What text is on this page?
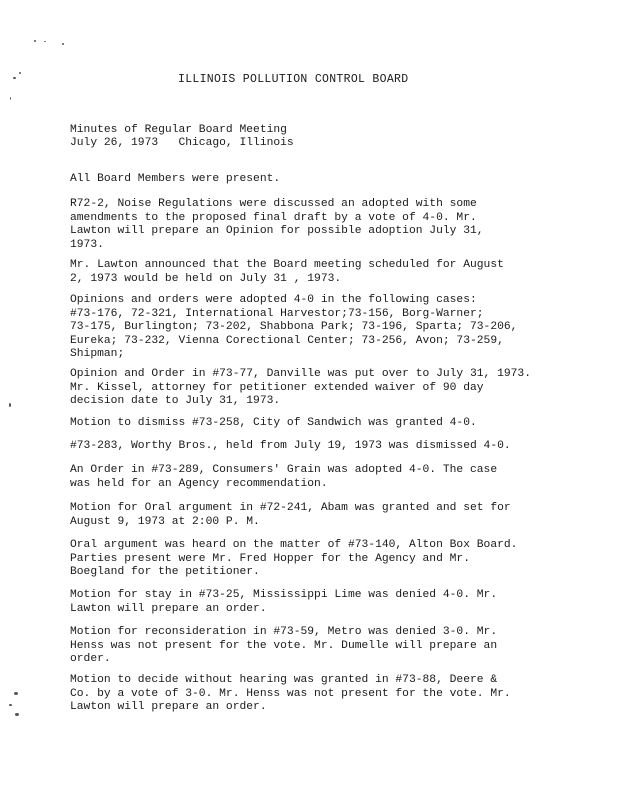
ILLINOIS POLLUTION CONTROL BOARD
Minutes of Regular Board Meeting
July 26, 1973   Chicago, Illinois
All Board Members were present.
R72-2, Noise Regulations were discussed an adopted with some
amendments to the proposed final draft by a vote of 4-0. Mr.
Lawton will prepare an Opinion for possible adoption July 31,
1973.
Mr. Lawton announced that the Board meeting scheduled for August
2, 1973 would be held on July 31 , 1973.
Opinions and orders were adopted 4-0 in the following cases:
#73-176, 72-321, International Harvestor;73-156, Borg-Warner;
73-175, Burlington; 73-202, Shabbona Park; 73-196, Sparta; 73-206,
Eureka; 73-232, Vienna Corectional Center; 73-256, Avon; 73-259,
Shipman;
Opinion and Order in #73-77, Danville was put over to July 31, 1973.
Mr. Kissel, attorney for petitioner extended waiver of 90 day
decision date to July 31, 1973.
Motion to dismiss #73-258, City of Sandwich was granted 4-0.
#73-283, Worthy Bros., held from July 19, 1973 was dismissed 4-0.
An Order in #73-289, Consumers' Grain was adopted 4-0. The case
was held for an Agency recommendation.
Motion for Oral argument in #72-241, Abam was granted and set for
August 9, 1973 at 2:00 P. M.
Oral argument was heard on the matter of #73-140, Alton Box Board.
Parties present were Mr. Fred Hopper for the Agency and Mr.
Boegland for the petitioner.
Motion for stay in #73-25, Mississippi Lime was denied 4-0. Mr.
Lawton will prepare an order.
Motion for reconsideration in #73-59, Metro was denied 3-0. Mr.
Henss was not present for the vote. Mr. Dumelle will prepare an
order.
Motion to decide without hearing was granted in #73-88, Deere &
Co. by a vote of 3-0. Mr. Henss was not present for the vote. Mr.
Lawton will prepare an order.
